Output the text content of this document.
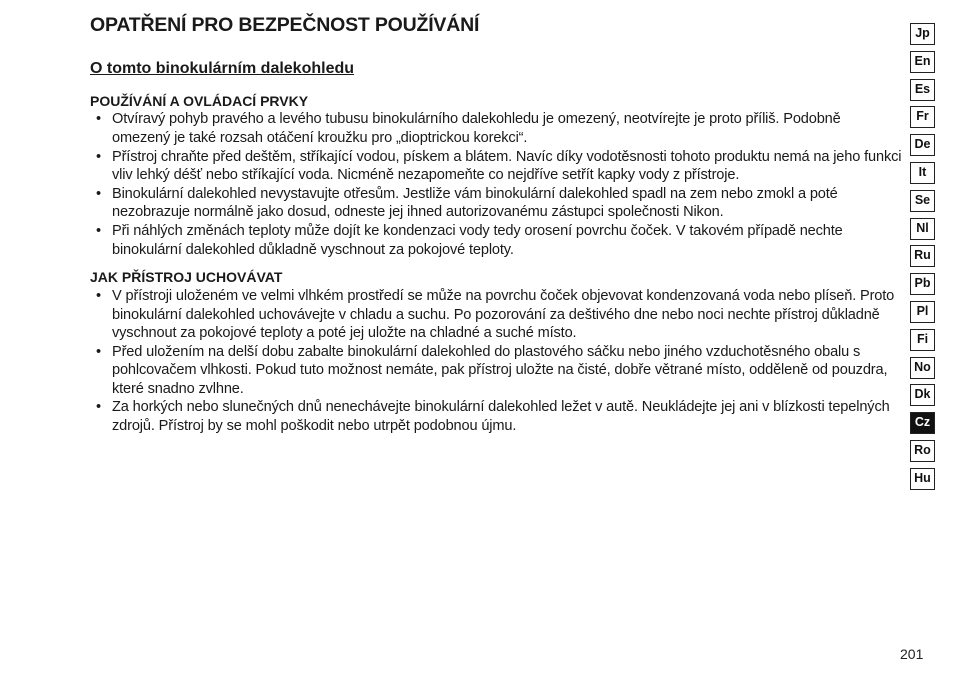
OPATŘENÍ PRO BEZPEČNOST POUŽÍVÁNÍ
O tomto binokulárním dalekohledu
POUŽÍVÁNÍ A OVLÁDACÍ PRVKY
• Otvíravý pohyb pravého a levého tubusu binokulárního dalekohledu je omezený, neotvírejte je proto příliš. Podobně omezený je také rozsah otáčení kroužku pro „dioptrickou korekci“.
• Přístroj chraňte před deštěm, stříkající vodou, pískem a blátem. Navíc díky vodotěsnosti tohoto produktu nemá na jeho funkci vliv lehký déšť nebo stříkající voda. Nicméně nezapomeňte co nejdříve setřít kapky vody z přístroje.
• Binokulární dalekohled nevystavujte otřesům. Jestliže vám binokulární dalekohled spadl na zem nebo zmokl a poté nezobrazuje normálně jako dosud, odneste jej ihned autorizovanému zástupci společnosti Nikon.
• Při náhlých změnách teploty může dojít ke kondenzaci vody tedy orosení povrchu čoček. V takovém případě nechte binokulární dalekohled důkladně vyschnout za pokojové teploty.
JAK PŘÍSTROJ UCHOVÁVAT
• V přístroji uloženém ve velmi vlhkém prostředí se může na povrchu čoček objevovat kondenzovaná voda nebo plíseň. Proto binokulární dalekohled uchovávejte v chladu a suchu. Po pozorování za deštivého dne nebo noci nechte přístroj důkladně vyschnout za pokojové teploty a poté jej uložte na chladné a suché místo.
• Před uložením na delší dobu zabalte binokulární dalekohled do plastového sáčku nebo jiného vzduchotěsného obalu s pohlcovačem vlhkosti. Pokud tuto možnost nemáte, pak přístroj uložte na čisté, dobře větrané místo, odděleně od pouzdra, které snadno zvlhne.
• Za horkých nebo slunečných dnů nenechávejte binokulární dalekohled ležet v autě. Neukládejte jej ani v blízkosti tepelných zdrojů. Přístroj by se mohl poškodit nebo utrpět podobnou újmu.
Jp
En
Es
Fr
De
It
Se
Nl
Ru
Pb
Pl
Fi
No
Dk
Cz
Ro
Hu
201
